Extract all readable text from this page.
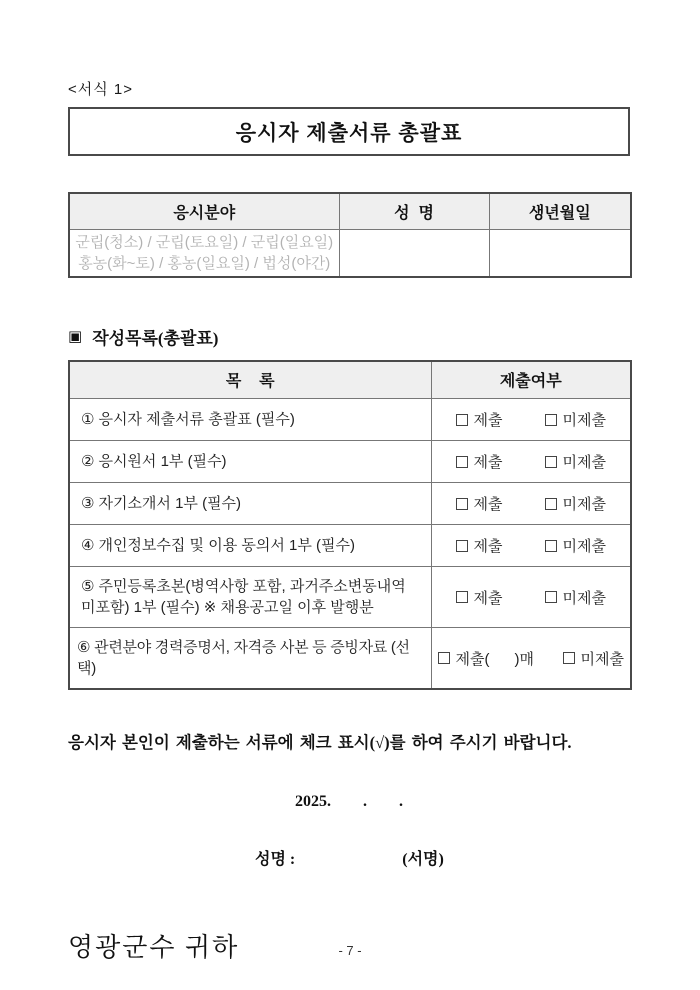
<서식 1>
응시자 제출서류 총괄표
응시분야	성  명	생년월일

군립(청소) / 군립(토요일) / 군립(일요일)
홍농(화~토) / 홍농(일요일) / 법성(야간)		

▣ 작성목록(총괄표)
목    록	제출여부
① 응시자 제출서류 총괄표 (필수)	제출 미제출

② 응시원서 1부 (필수)	제출 미제출

③ 자기소개서 1부 (필수)	제출 미제출

④ 개인정보수집 및 이용 동의서 1부 (필수)	제출 미제출

⑤ 주민등록초본(병역사항 포함, 과거주소변동내역 미포함) 1부 (필수) ※ 채용공고일 이후 발행분	제출 미제출

⑥ 관련분야 경력증명서, 자격증 사본 등 증빙자료 (선택)	제출(      )매 미제출

응시자 본인이 제출하는 서류에 체크 표시(√)를 하여 주시기 바랍니다.

2025.        .        .
성명 :	(서명)
영광군수 귀하	- 7 -
